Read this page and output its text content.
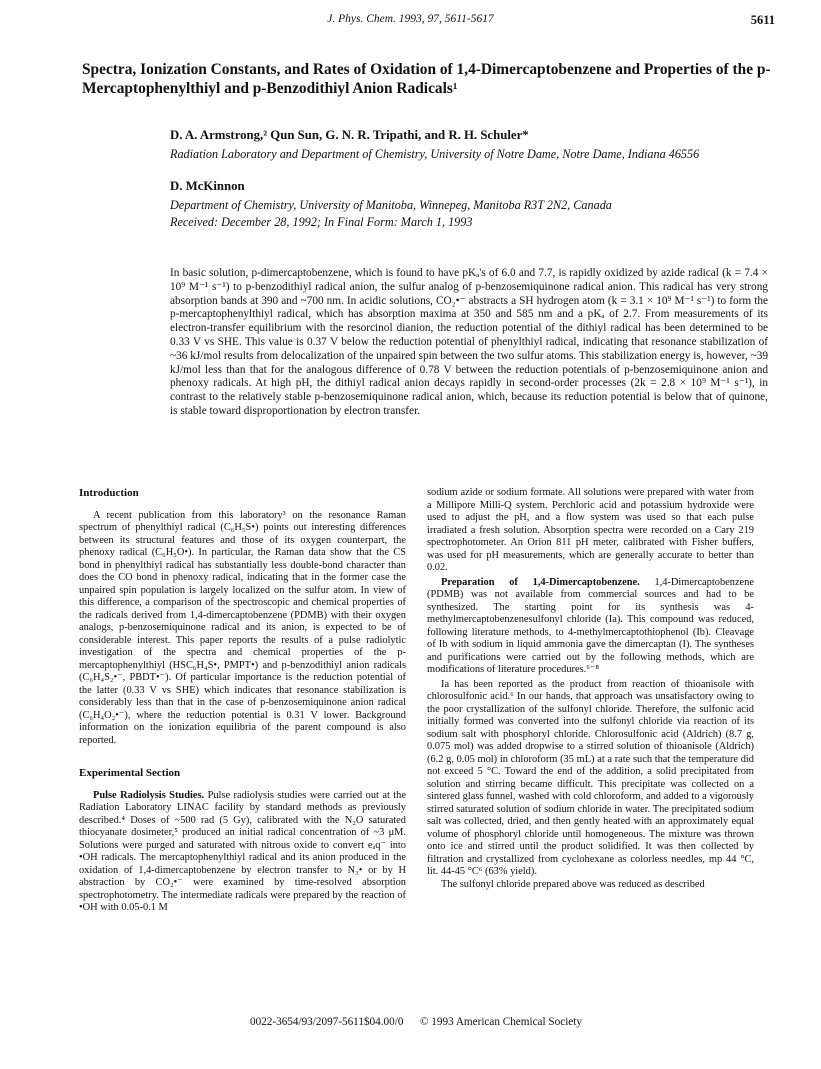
J. Phys. Chem. 1993, 97, 5611-5617	5611
Spectra, Ionization Constants, and Rates of Oxidation of 1,4-Dimercaptobenzene and Properties of the p-Mercaptophenylthiyl and p-Benzodithiyl Anion Radicals¹
D. A. Armstrong,² Qun Sun, G. N. R. Tripathi, and R. H. Schuler*
Radiation Laboratory and Department of Chemistry, University of Notre Dame, Notre Dame, Indiana 46556
D. McKinnon
Department of Chemistry, University of Manitoba, Winnepeg, Manitoba R3T 2N2, Canada
Received: December 28, 1992; In Final Form: March 1, 1993
In basic solution, p-dimercaptobenzene, which is found to have pKₐ's of 6.0 and 7.7, is rapidly oxidized by azide radical (k = 7.4 × 10⁹ M⁻¹ s⁻¹) to p-benzodithiyl radical anion, the sulfur analog of p-benzosemiquinone radical anion. This radical has very strong absorption bands at 390 and ~700 nm. In acidic solutions, CO₂•⁻ abstracts a SH hydrogen atom (k = 3.1 × 10⁹ M⁻¹ s⁻¹) to form the p-mercaptophenylthiyl radical, which has absorption maxima at 350 and 585 nm and a pKₐ of 2.7. From measurements of its electron-transfer equilibrium with the resorcinol dianion, the reduction potential of the dithiyl radical has been determined to be 0.33 V vs SHE. This value is 0.37 V below the reduction potential of phenylthiyl radical, indicating that resonance stabilization of ~36 kJ/mol results from delocalization of the unpaired spin between the two sulfur atoms. This stabilization energy is, however, ~39 kJ/mol less than that for the analogous difference of 0.78 V between the reduction potentials of p-benzosemiquinone anion and phenoxy radicals. At high pH, the dithiyl radical anion decays rapidly in second-order processes (2k = 2.8 × 10⁹ M⁻¹ s⁻¹), in contrast to the relatively stable p-benzosemiquinone radical anion, which, because its reduction potential is below that of quinone, is stable toward disproportionation by electron transfer.
Introduction

A recent publication from this laboratory³ on the resonance Raman spectrum of phenylthiyl radical (C₆H₅S•) points out interesting differences between its structural features and those of its oxygen counterpart, the phenoxy radical (C₆H₅O•). In particular, the Raman data show that the CS bond in phenylthiyl radical has substantially less double-bond character than does the CO bond in phenoxy radical, indicating that in the former case the unpaired spin population is largely localized on the sulfur atom. In view of this difference, a comparison of the spectroscopic and chemical properties of the radicals derived from 1,4-dimercaptobenzene (PDMB) with their oxygen analogs, p-benzosemiquinone radical and its anion, is expected to be of considerable interest. This paper reports the results of a pulse radiolytic investigation of the spectra and chemical properties of the p-mercaptophenylthiyl (HSC₆H₄S•, PMPT•) and p-benzodithiyl anion radicals (C₆H₄S₂•⁻, PBDT•⁻). Of particular importance is the reduction potential of the latter (0.33 V vs SHE) which indicates that resonance stabilization is considerably less than that in the case of p-benzosemiquinone anion radical (C₆H₄O₂•⁻), where the reduction potential is 0.31 V lower. Background information on the ionization equilibria of the parent compound is also reported.

Experimental Section

Pulse Radiolysis Studies. Pulse radiolysis studies were carried out at the Radiation Laboratory LINAC facility by standard methods as previously described.⁴ Doses of ~500 rad (5 Gy), calibrated with the N₂O saturated thiocyanate dosimeter,⁵ produced an initial radical concentration of ~3 μM. Solutions were purged and saturated with nitrous oxide to convert eₐq⁻ into •OH radicals. The mercaptophenylthiyl radical and its anion produced in the oxidation of 1,4-dimercaptobenzene by electron transfer to N₃• or by H abstraction by CO₂•⁻ were examined by time-resolved absorption spectrophotometry. The intermediate radicals were prepared by the reaction of •OH with 0.05-0.1 M

sodium azide or sodium formate. All solutions were prepared with water from a Millipore Milli-Q system. Perchloric acid and potassium hydroxide were used to adjust the pH, and a flow system was used so that each pulse irradiated a fresh solution. Absorption spectra were recorded on a Cary 219 spectrophotometer. An Orion 811 pH meter, calibrated with Fisher buffers, was used for pH measurements, which are generally accurate to better than 0.02.

Preparation of 1,4-Dimercaptobenzene. 1,4-Dimercaptobenzene (PDMB) was not available from commercial sources and had to be synthesized. The starting point for its synthesis was 4-methylmercaptobenzenesulfonyl chloride (Ia). This compound was reduced, following literature methods, to 4-methylmercaptothiophenol (Ib). Cleavage of Ib with sodium in liquid ammonia gave the dimercaptan (I). The syntheses and purifications were carried out by the following methods, which are modifications of literature procedures.⁶⁻⁸

Ia has been reported as the product from reaction of thioanisole with chlorosulfonic acid.⁶ In our hands, that approach was unsatisfactory owing to the poor crystallization of the sulfonyl chloride. Therefore, the sulfonic acid initially formed was converted into the sulfonyl chloride via reaction of its sodium salt with phosphoryl chloride. Chlorosulfonic acid (Aldrich) (8.7 g, 0.075 mol) was added dropwise to a stirred solution of thioanisole (Aldrich) (6.2 g, 0.05 mol) in chloroform (35 mL) at a rate such that the temperature did not exceed 5 °C. Toward the end of the addition, a solid precipitated from solution and stirring became difficult. This precipitate was collected on a sintered glass funnel, washed with cold chloroform, and added to a vigorously stirred saturated solution of sodium chloride in water. The precipitated sodium salt was collected, dried, and then gently heated with an approximately equal volume of phosphoryl chloride until homogeneous. The mixture was thrown onto ice and stirred until the product solidified. It was then collected by filtration and crystallized from cyclohexane as colorless needles, mp 44 °C, lit. 44-45 °C⁶ (63% yield).

The sulfonyl chloride prepared above was reduced as described

0022-3654/93/2097-5611$04.00/0 © 1993 American Chemical Society
